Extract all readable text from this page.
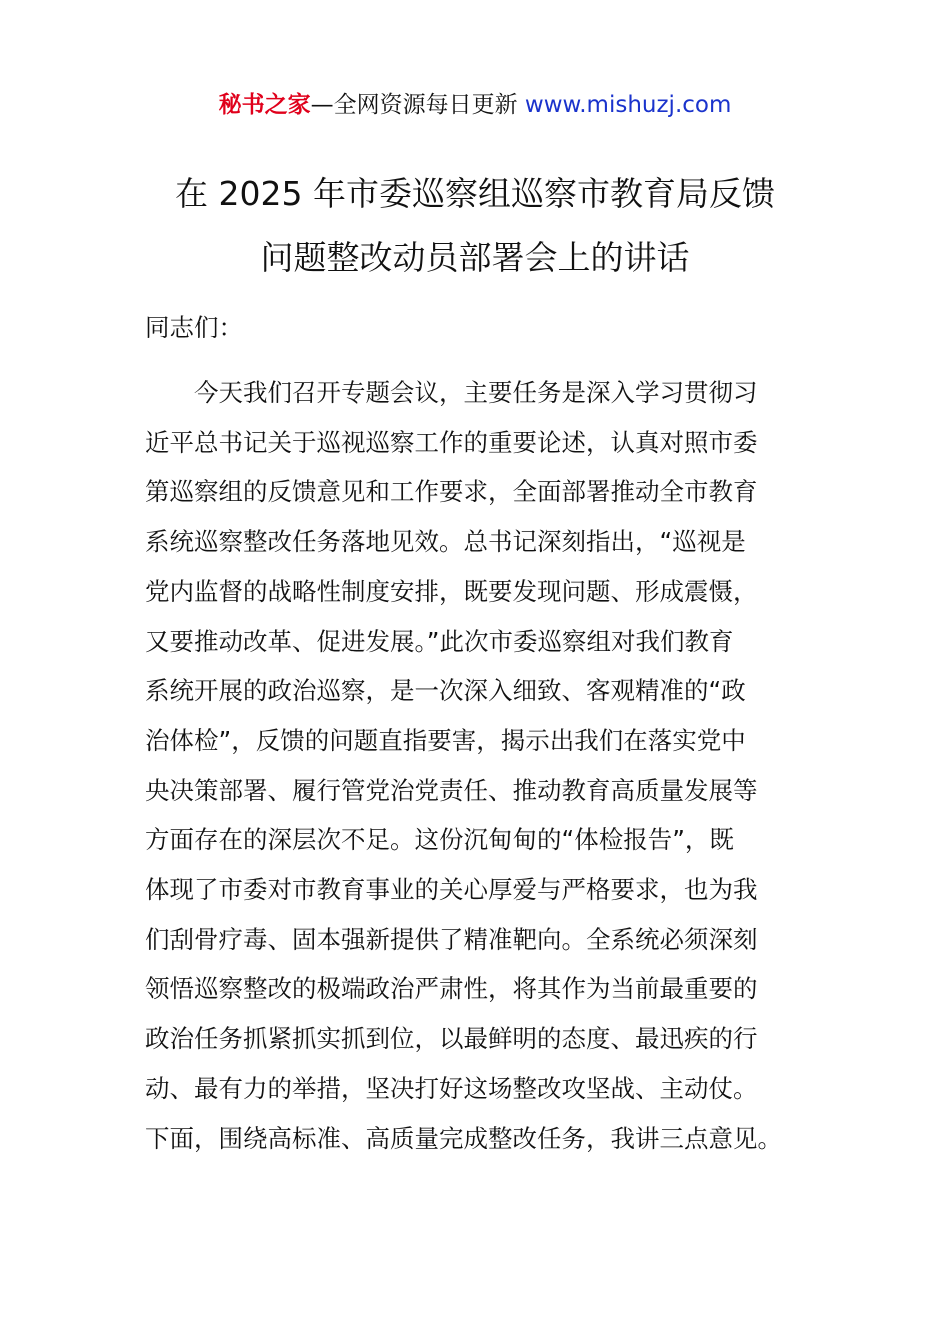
秘书之家—全网资源每日更新 www.mishuzj.com
在 2025 年市委巡察组巡察市教育局反馈
问题整改动员部署会上的讲话
同志们：
　　今天我们召开专题会议，主要任务是深入学习贯彻习
近平总书记关于巡视巡察工作的重要论述，认真对照市委
第巡察组的反馈意见和工作要求，全面部署推动全市教育
系统巡察整改任务落地见效。总书记深刻指出，“巡视是
党内监督的战略性制度安排，既要发现问题、形成震慑，
又要推动改革、促进发展。”此次市委巡察组对我们教育
系统开展的政治巡察，是一次深入细致、客观精准的“政
治体检”，反馈的问题直指要害，揭示出我们在落实党中
央决策部署、履行管党治党责任、推动教育高质量发展等
方面存在的深层次不足。这份沉甸甸的“体检报告”，既
体现了市委对市教育事业的关心厚爱与严格要求，也为我
们刮骨疗毒、固本强新提供了精准靶向。全系统必须深刻
领悟巡察整改的极端政治严肃性，将其作为当前最重要的
政治任务抓紧抓实抓到位，以最鲜明的态度、最迅疾的行
动、最有力的举措，坚决打好这场整改攻坚战、主动仗。
下面，围绕高标准、高质量完成整改任务，我讲三点意见。
